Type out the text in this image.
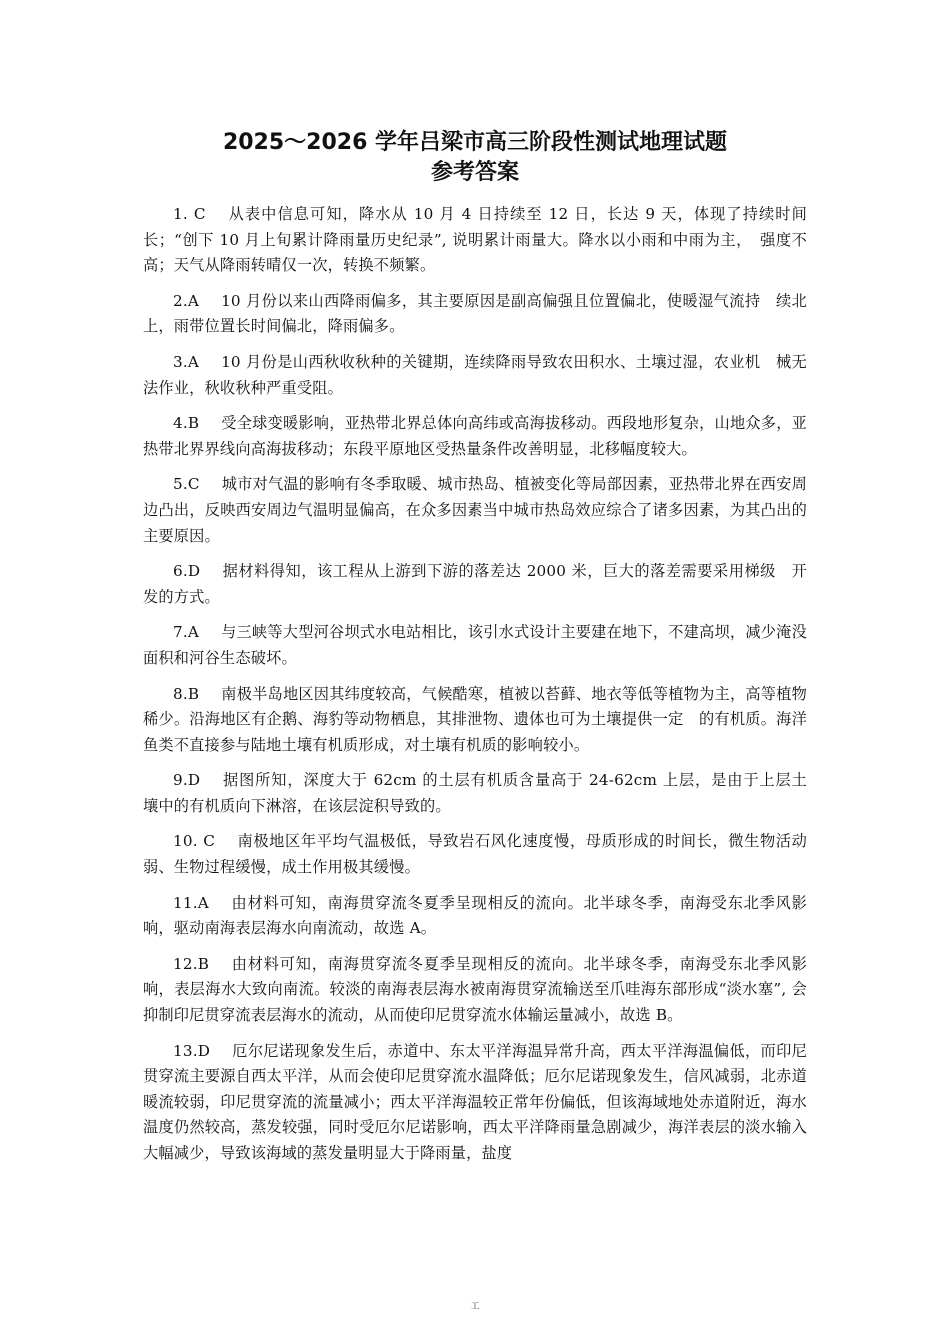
2025～2026 学年吕梁市高三阶段性测试地理试题
参考答案

1. C 从表中信息可知，降水从 10 月 4 日持续至 12 日，长达 9 天，体现了持续时间　长；“创下 10 月上旬累计降雨量历史纪录”, 说明累计雨量大。降水以小雨和中雨为主，　强度不高；天气从降雨转晴仅一次，转换不频繁。

2.A 10 月份以来山西降雨偏多，其主要原因是副高偏强且位置偏北，使暖湿气流持　续北上，雨带位置长时间偏北，降雨偏多。

3.A 10 月份是山西秋收秋种的关键期，连续降雨导致农田积水、土壤过湿，农业机　械无法作业，秋收秋种严重受阻。

4.B 受全球变暖影响，亚热带北界总体向高纬或高海拔移动。西段地形复杂，山地众多，亚热带北界界线向高海拔移动；东段平原地区受热量条件改善明显，北移幅度较大。

5.C 城市对气温的影响有冬季取暖、城市热岛、植被变化等局部因素，亚热带北界在西安周边凸出，反映西安周边气温明显偏高，在众多因素当中城市热岛效应综合了诸多因素，为其凸出的主要原因。

6.D 据材料得知，该工程从上游到下游的落差达 2000 米，巨大的落差需要采用梯级　开发的方式。

7.A 与三峡等大型河谷坝式水电站相比，该引水式设计主要建在地下，不建高坝，减少淹没面积和河谷生态破坏。

8.B 南极半岛地区因其纬度较高，气候酷寒，植被以苔藓、地衣等低等植物为主，高等植物稀少。沿海地区有企鹅、海豹等动物栖息，其排泄物、遗体也可为土壤提供一定　的有机质。海洋鱼类不直接参与陆地土壤有机质形成，对土壤有机质的影响较小。

9.D 据图所知，深度大于 62cm 的土层有机质含量高于 24-62cm 上层，是由于上层土　壤中的有机质向下淋溶，在该层淀积导致的。

10. C 南极地区年平均气温极低，导致岩石风化速度慢，母质形成的时间长，微生物活动弱、生物过程缓慢，成土作用极其缓慢。

11.A 由材料可知，南海贯穿流冬夏季呈现相反的流向。北半球冬季，南海受东北季风影响，驱动南海表层海水向南流动，故选 A。

12.B 由材料可知，南海贯穿流冬夏季呈现相反的流向。北半球冬季，南海受东北季风影响，表层海水大致向南流。较淡的南海表层海水被南海贯穿流输送至爪哇海东部形成“淡水塞”, 会抑制印尼贯穿流表层海水的流动，从而使印尼贯穿流水体输运量减小，故选 B。

13.D 厄尔尼诺现象发生后，赤道中、东太平洋海温异常升高，西太平洋海温偏低，而印尼贯穿流主要源自西太平洋，从而会使印尼贯穿流水温降低；厄尔尼诺现象发生，信风减弱，北赤道暖流较弱，印尼贯穿流的流量减小；西太平洋海温较正常年份偏低，但该海域地处赤道附近，海水温度仍然较高，蒸发较强，同时受厄尔尼诺影响，西太平洋降雨量急剧减少，海洋表层的淡水输入大幅减少，导致该海域的蒸发量明显大于降雨量，盐度

工
